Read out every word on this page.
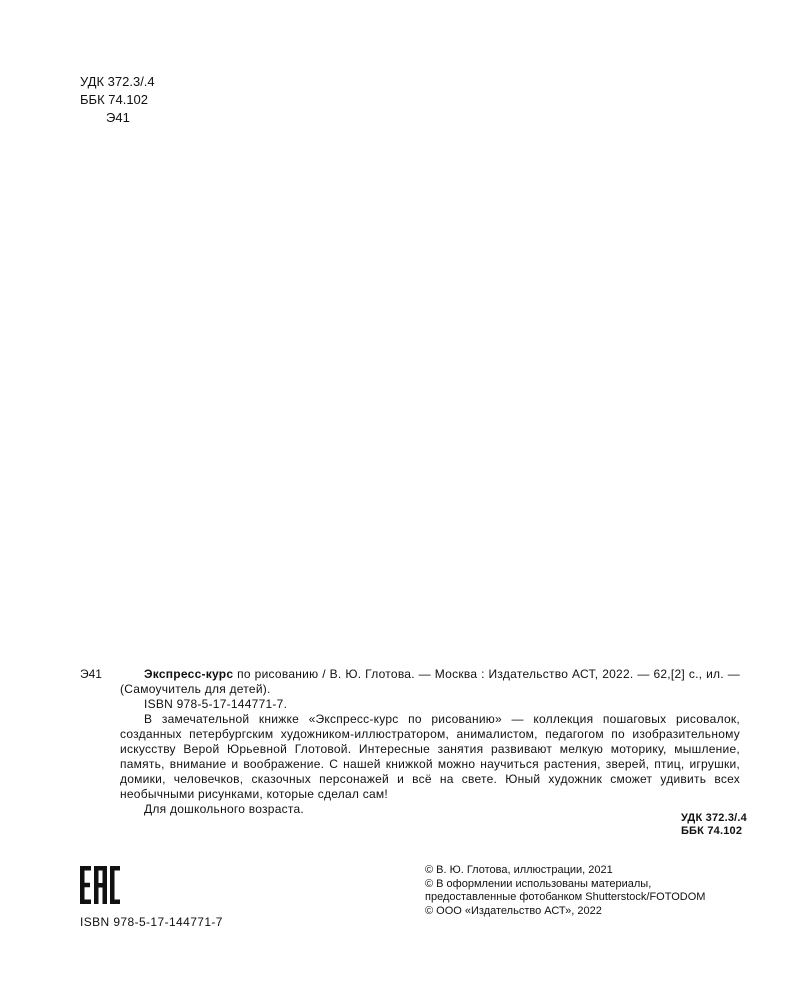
УДК 372.3/.4
ББК 74.102
Э41
Э41	Экспресс-курс по рисованию / В. Ю. Глотова. — Москва : Издательство АСТ, 2022. — 62,[2] с., ил. — (Самоучитель для детей).

ISBN 978-5-17-144771-7.

В замечательной книжке «Экспресс-курс по рисованию» — коллекция пошаговых рисовалок, созданных петербургским художником-иллюстратором, анималистом, педагогом по изобразительному искусству Верой Юрьевной Глотовой. Интересные занятия развивают мелкую моторику, мышление, память, внимание и воображение. С нашей книжкой можно научиться растения, зверей, птиц, игрушки, домики, человечков, сказочных персонажей и всё на свете. Юный художник сможет удивить всех необычными рисунками, которые сделал сам!

Для дошкольного возраста.

УДК 372.3/.4
ББК 74.102
ISBN 978-5-17-144771-7
© В. Ю. Глотова, иллюстрации, 2021
© В оформлении использованы материалы,
предоставленные фотобанком Shutterstock/FOTODOM
© ООО «Издательство АСТ», 2022
